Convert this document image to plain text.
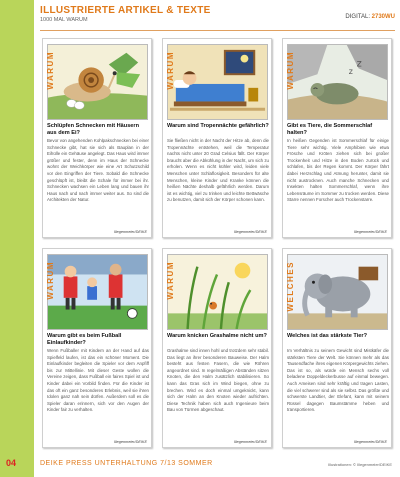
ILLUSTRIERTE ARTIKEL & TEXTE
1000 MAL WARUM	DIGITAL: 2730WU
WARUM
Schlüpfen Schnecken mit Häusern aus dem Ei?
Bevor von angehenden Kohlpakschnecken bei einer Schnecke gibt, hat sie sich als Bauplan in der Eihülle ein Gehäuse angelegt. Das Haus wird immer größer und fester, denn im Haus der Schnecke wohnt der Weichkörper wie eine Art Schutzschild vor den Eingriffen der Tiere. Sobald die Schnecke geschlüpft ist, bleibt die Schale für immer bei ihr. Schnecken wachsen ein Leben lang und bauen ihr Haus nach und nach immer weiter aus. So sind die Architekten der Natur.
Illegenmeier/DEIKE
WARUM
Warum sind Tropennächte gefährlich?
Sie fließen nicht in der Nacht der Hitze ab, denn die Tropennächte entstehen, weil die Temperatur nachts nicht unter 20 Grad Celsius fällt. Der Körper braucht aber die Abkühlung in der Nacht, um sich zu erholen. Wenn es nicht kühler wird, leiden viele Menschen unter Schlaflosigkeit. Besonders für alte Menschen, kleine Kinder und Kranke können die heißen Nächte deshalb gefährlich werden. Darum ist es wichtig, viel zu trinken und leichte Bettwäsche zu benutzen, damit sich der Körper schonen kann.
Illegenmeier/DEIKE
z
z
WARUM
Gibt es Tiere, die Sommerschlaf halten?
In heißen Gegenden ist Sommerschlaf für einige Tiere sehr wichtig. Viele Amphibien wie etwa Frösche und Kröten ziehen sich bei großer Trockenheit und Hitze in den Boden zurück und schlafen, bis der Regen kommt. Der Körper fährt dabei Herzschlag und Atmung herunter, damit sie nicht austrocknen. Auch manche Schnecken und Insekten halten Sommerschlaf, wenn ihre Lebensräume im Sommer zu trocken werden. Diese Starre nennen Forscher auch Trockenstarre.
Illegenmeier/DEIKE
WARUM
Warum gibt es beim Fußball Einlaufkinder?
Wenn Fußballer mit Kindern an der Hand auf das Spielfeld laufen, ist das ein schöner Moment. Die Einlaufkinder begleiten die Spieler vor dem Anpfiff bis zur Mittellinie. Mit dieser Geste wollen die Vereine zeigen, dass Fußball ein faires Spiel ist und Kinder dabei ein Vorbild finden. Für die Kinder ist das oft ein ganz besonderes Erlebnis, weil sie ihren Idolen ganz nah sein dürfen. Außerdem soll es die Spieler daran erinnern, sich vor den Augen der Kinder fair zu verhalten.
Illegenmeier/DEIKE
WARUM
Warum knicken Grashalme nicht um?
Grashalme sind innen hohl und trotzdem sehr stabil. Das liegt an ihrer besonderen Bauweise. Der Halm besteht aus festen Fasern, die wie Röhren angeordnet sind. In regelmäßigen Abständen sitzen Knoten, die den Halm zusätzlich stabilisieren. So kann das Gras sich im Wind biegen, ohne zu brechen. Wird es doch einmal umgeknickt, kann sich der Halm an den Knoten wieder aufrichten. Diese Technik haben sich auch Ingenieure beim Bau von Türmen abgeschaut.
Illegenmeier/DEIKE
WELCHES
Welches ist das stärkste Tier?
Im Verhältnis zu seinem Gewicht sind Mistkäfer die stärksten Tiere der Welt. Sie können mehr als das Tausendfache ihres eigenen Körpergewichts ziehen. Das ist so, als würde ein Mensch sechs voll beladene Doppeldeckerbusse auf einmal bewegen. Auch Ameisen sind sehr kräftig und tragen Lasten, die viel schwerer sind als sie selbst. Das größte und schwerste Landtier, der Elefant, kann mit seinem Rüssel dagegen Baumstämme heben und transportieren.
Illegenmeier/DEIKE
04	DEIKE PRESS UNTERHALTUNG 7/13 SOMMER	Illustrationen: © Illegenmeier/DEIKE
